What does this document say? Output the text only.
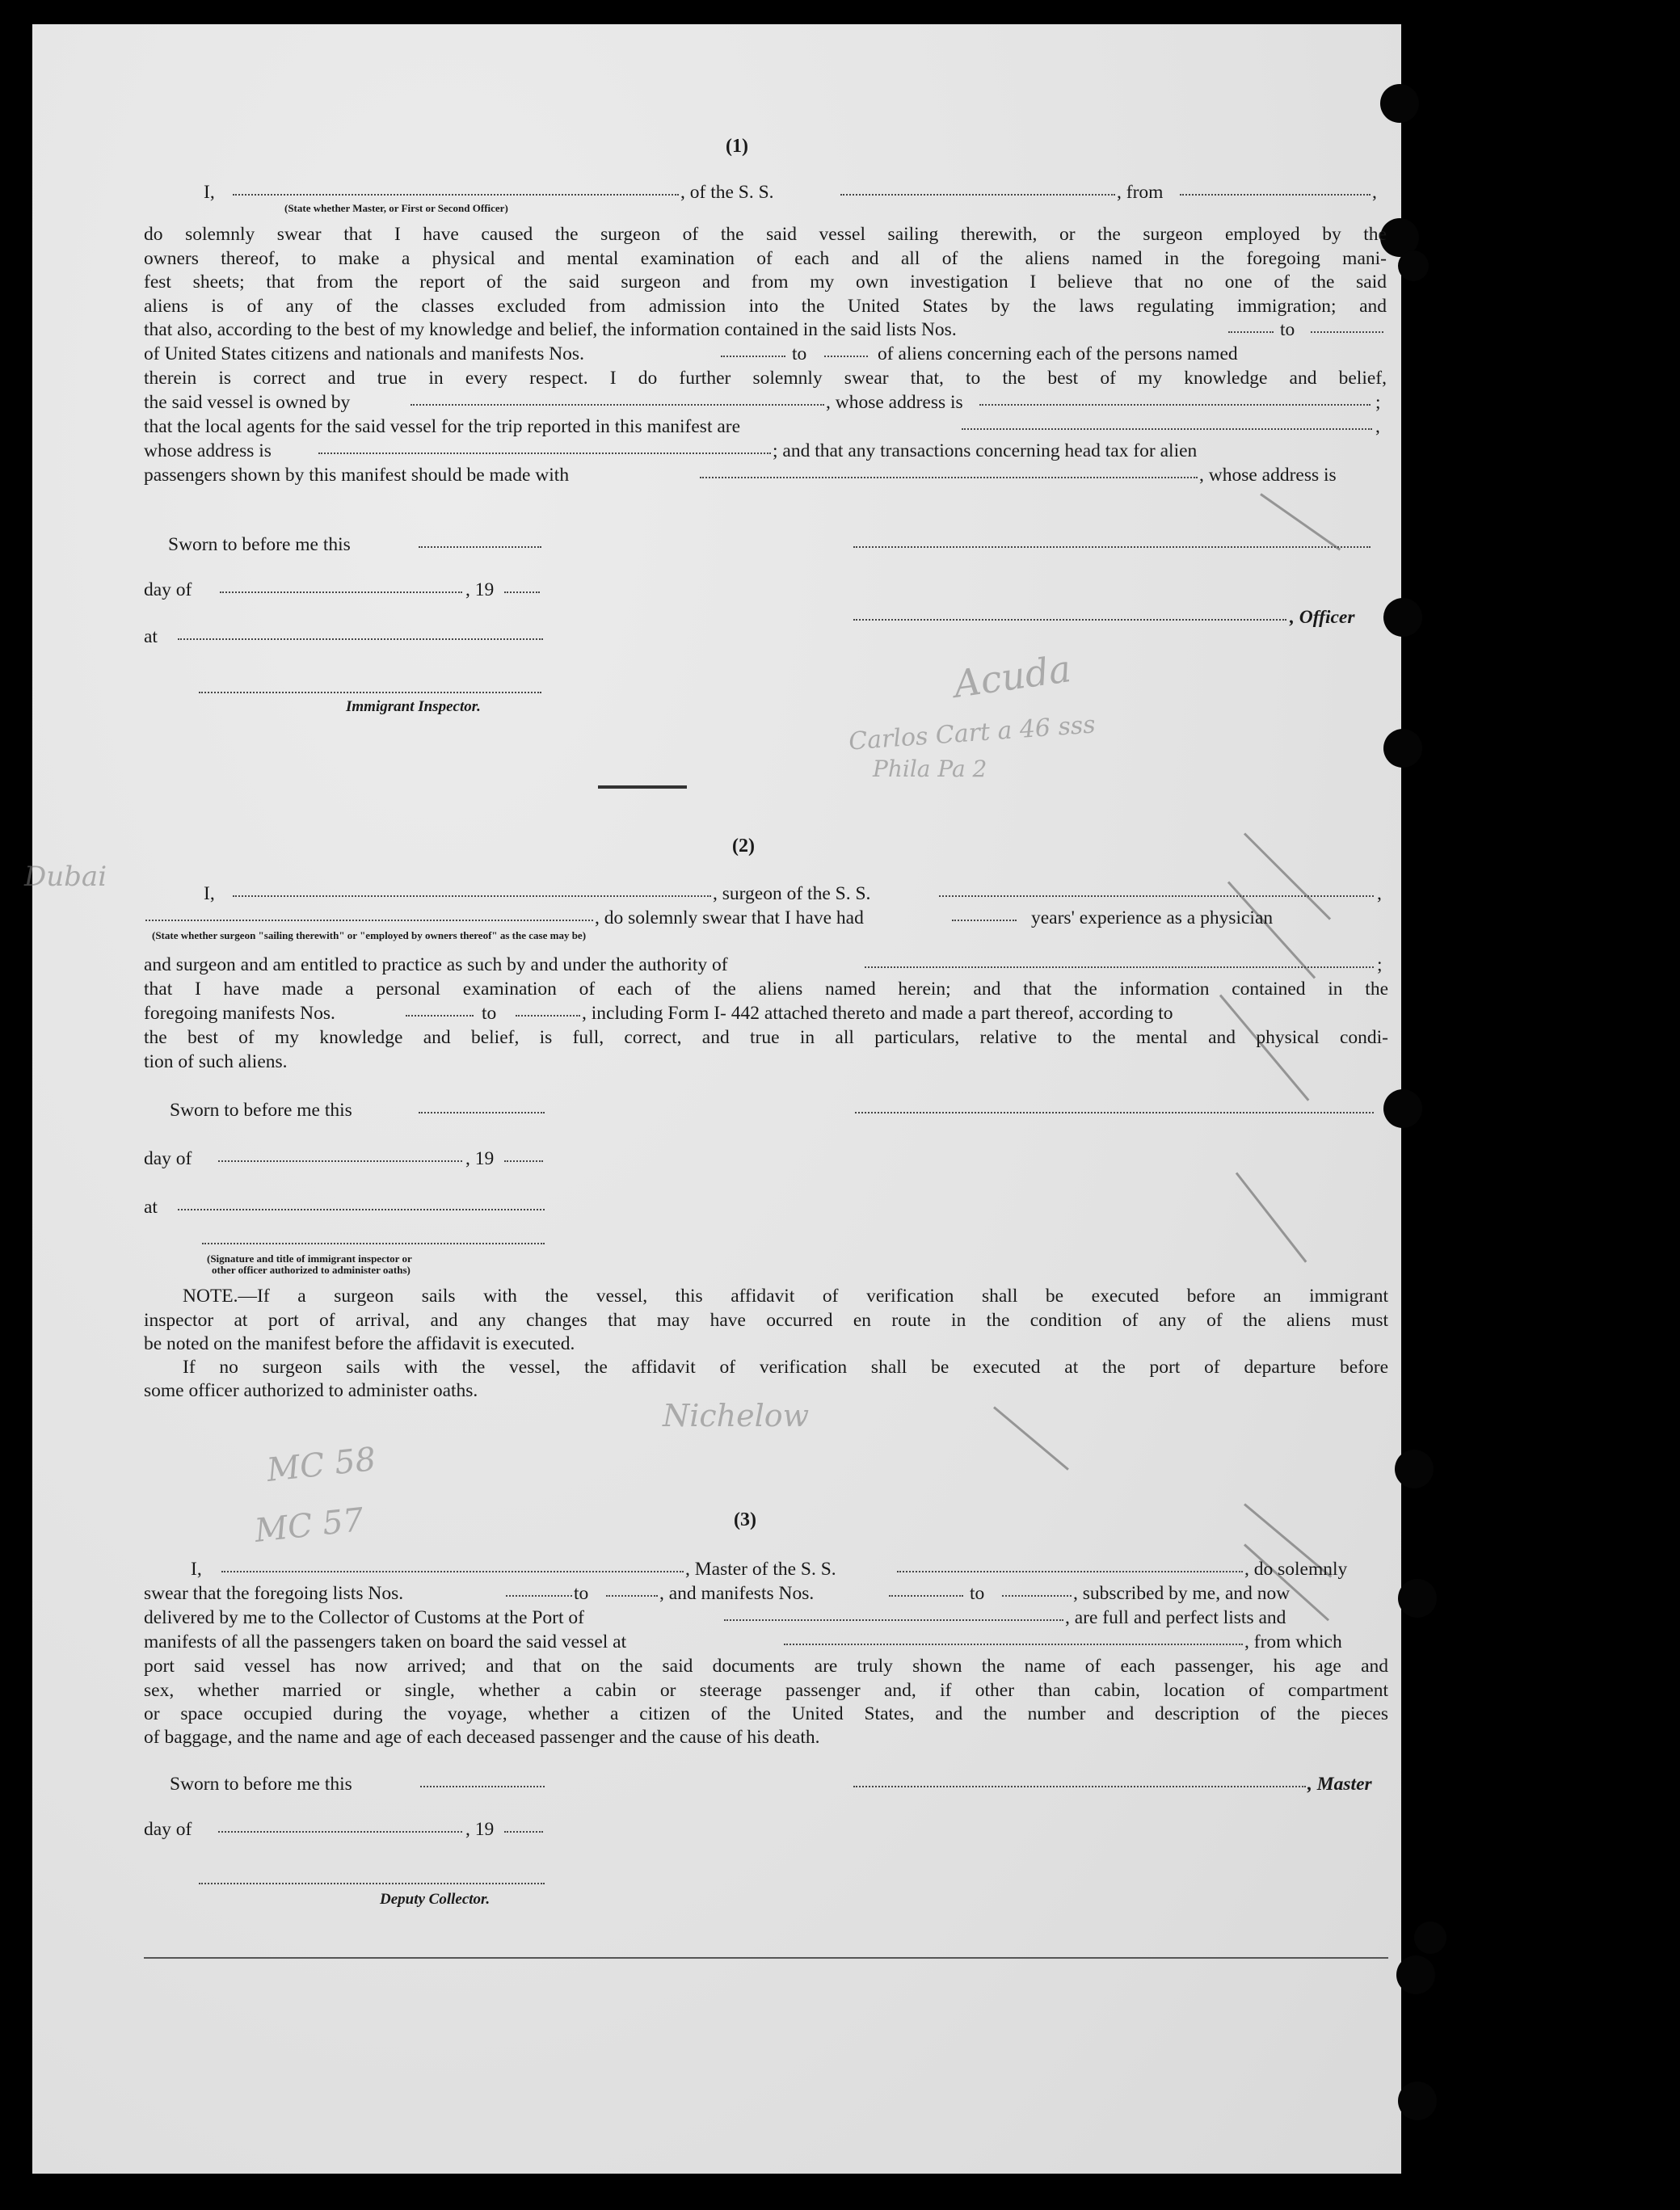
Acuda
Carlos Cart a 46 sss
Phila Pa 2
Dubai
MC 58
MC 57
Nichelow
(1)
I,	, of the S. S.	, from	,
(State whether Master, or First or Second Officer)
do solemnly swear that I have caused the surgeon of the said vessel sailing therewith, or the surgeon employed by the
owners thereof, to make a physical and mental examination of each and all of the aliens named in the foregoing mani-
fest sheets; that from the report of the said surgeon and from my own investigation I believe that no one of the said
aliens is of any of the classes excluded from admission into the United States by the laws regulating immigration; and
that also, according to the best of my knowledge and belief, the information contained in the said lists Nos.	to
of United States citizens and nationals and manifests Nos.	to	of aliens concerning each of the persons named
therein is correct and true in every respect. I do further solemnly swear that, to the best of my knowledge and belief,
the said vessel is owned by	, whose address is	;
that the local agents for the said vessel for the trip reported in this manifest are	,
whose address is	; and that any transactions concerning head tax for alien
passengers shown by this manifest should be made with	, whose address is
Sworn to before me this
day of	, 19
, Officer
at
Immigrant Inspector.
(2)
I,	, surgeon of the S. S.	,
, do solemnly swear that I have had	years' experience as a physician
(State whether surgeon "sailing therewith" or "employed by owners thereof" as the case may be)
and surgeon and am entitled to practice as such by and under the authority of	;
that I have made a personal examination of each of the aliens named herein; and that the information contained in the
foregoing manifests Nos.	to	, including Form I- 442 attached thereto and made a part thereof, according to
the best of my knowledge and belief, is full, correct, and true in all particulars, relative to the mental and physical condi-
tion of such aliens.
Sworn to before me this
day of	, 19
at
(Signature and title of immigrant inspector or
other officer authorized to administer oaths)
NOTE.—If a surgeon sails with the vessel, this affidavit of verification shall be executed before an immigrant
inspector at port of arrival, and any changes that may have occurred en route in the condition of any of the aliens must
be noted on the manifest before the affidavit is executed.
If no surgeon sails with the vessel, the affidavit of verification shall be executed at the port of departure before
some officer authorized to administer oaths.
(3)
I,	, Master of the S. S.	, do solemnly
swear that the foregoing lists Nos.	to	, and manifests Nos.	to	, subscribed by me, and now
delivered by me to the Collector of Customs at the Port of	, are full and perfect lists and
manifests of all the passengers taken on board the said vessel at	, from which
port said vessel has now arrived; and that on the said documents are truly shown the name of each passenger, his age and
sex, whether married or single, whether a cabin or steerage passenger and, if other than cabin, location of compartment
or space occupied during the voyage, whether a citizen of the United States, and the number and description of the pieces
of baggage, and the name and age of each deceased passenger and the cause of his death.
Sworn to before me this	, Master
day of	, 19
Deputy Collector.
